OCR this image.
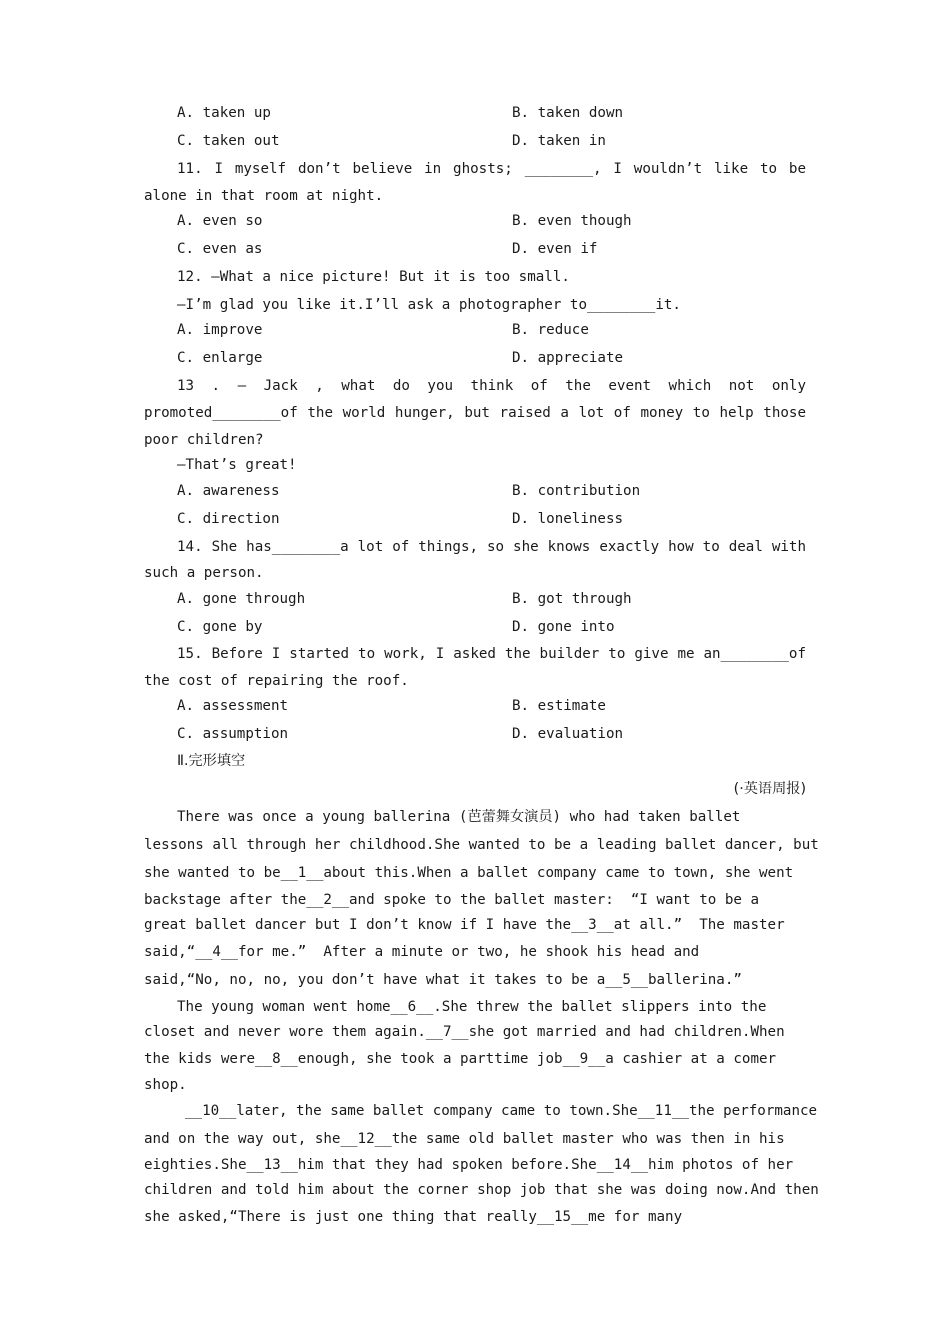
A. taken up	B. taken down
C. taken out	D. taken in
11. I myself don’t believe in ghosts; ________, I wouldn’t like to be
alone in that room at night.
A. even so	B. even though
C. even as	D. even if
12. —What a nice picture! But it is too small.
—I’m glad you like it.I’ll ask a photographer to________it.
A. improve	B. reduce
C. enlarge	D. appreciate
13 . — Jack , what do you think of the event which not only
promoted________of the world hunger, but raised a lot of money to help those
poor children?
—That’s great!
A. awareness	B. contribution
C. direction	D. loneliness
14. She has________a lot of things, so she knows exactly how to deal with
such a person.
A. gone through	B. got through
C. gone by	D. gone into
15. Before I started to work, I asked the builder to give me an________of
the cost of repairing the roof.
A. assessment	B. estimate
C. assumption	D. evaluation
Ⅱ.完形填空
(·英语周报)
There was once a young ballerina (芭蕾舞女演员) who had taken ballet
lessons all through her childhood.She wanted to be a leading ballet dancer, but
she wanted to be__1__about this.When a ballet company came to town, she went
backstage after the__2__and spoke to the ballet master:  “I want to be a
great ballet dancer but I don’t know if I have the__3__at all.”  The master
said,“__4__for me.”  After a minute or two, he shook his head and
said,“No, no, no, you don’t have what it takes to be a__5__ballerina.”
The young woman went home__6__.She threw the ballet slippers into the
closet and never wore them again.__7__she got married and had children.When
the kids were__8__enough, she took a parttime job__9__a cashier at a comer
shop.
__10__later, the same ballet company came to town.She__11__the performance
and on the way out, she__12__the same old ballet master who was then in his
eighties.She__13__him that they had spoken before.She__14__him photos of her
children and told him about the corner shop job that she was doing now.And then
she asked,“There is just one thing that really__15__me for many
